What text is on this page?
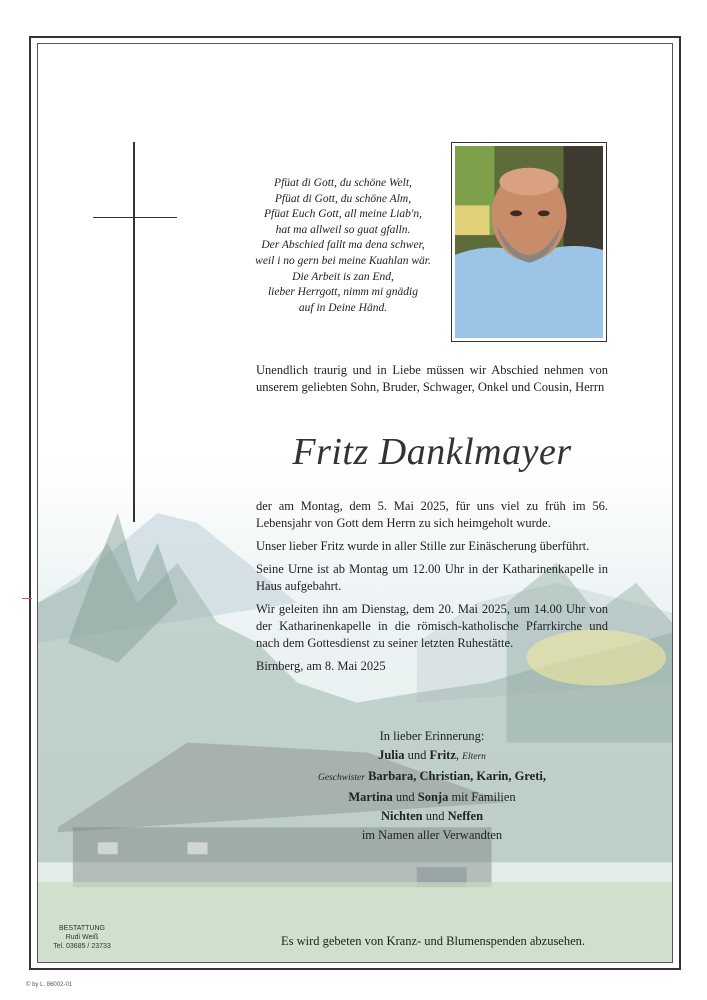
Pfüat di Gott, du schöne Welt,
Pfüat di Gott, du schöne Alm,
Pfüat Euch Gott, all meine Liab'n,
hat ma allweil so guat gfalln.
Der Abschied fallt ma dena schwer,
weil i no gern bei meine Kuahlan wär.
Die Arbeit is zan End,
lieber Herrgott, nimm mi gnädig
auf in Deine Händ.
Unendlich traurig und in Liebe müssen wir Abschied nehmen von unserem geliebten Sohn, Bruder, Schwager, Onkel und Cousin, Herrn
Fritz Danklmayer

der am Montag, dem 5. Mai 2025, für uns viel zu früh im 56. Lebensjahr von Gott dem Herrn zu sich heimgeholt wurde.

Unser lieber Fritz wurde in aller Stille zur Einäscherung überführt.

Seine Urne ist ab Montag um 12.00 Uhr in der Katharinenkapelle in Haus aufgebahrt.

Wir geleiten ihn am Dienstag, dem 20. Mai 2025, um 14.00 Uhr von der Katharinenkapelle in die römisch-katholische Pfarrkirche und nach dem Gottesdienst zu seiner letzten Ruhestätte.

Birnberg, am 8. Mai 2025

In lieber Erinnerung:
Julia und Fritz, Eltern
Geschwister Barbara, Christian, Karin, Greti,
Martina und Sonja mit Familien
Nichten und Neffen
im Namen aller Verwandten
BESTATTUNG
Rudi Weiß
Tel. 03685 / 23733	Es wird gebeten von Kranz- und Blumenspenden abzusehen.
© by L. 86002-01
